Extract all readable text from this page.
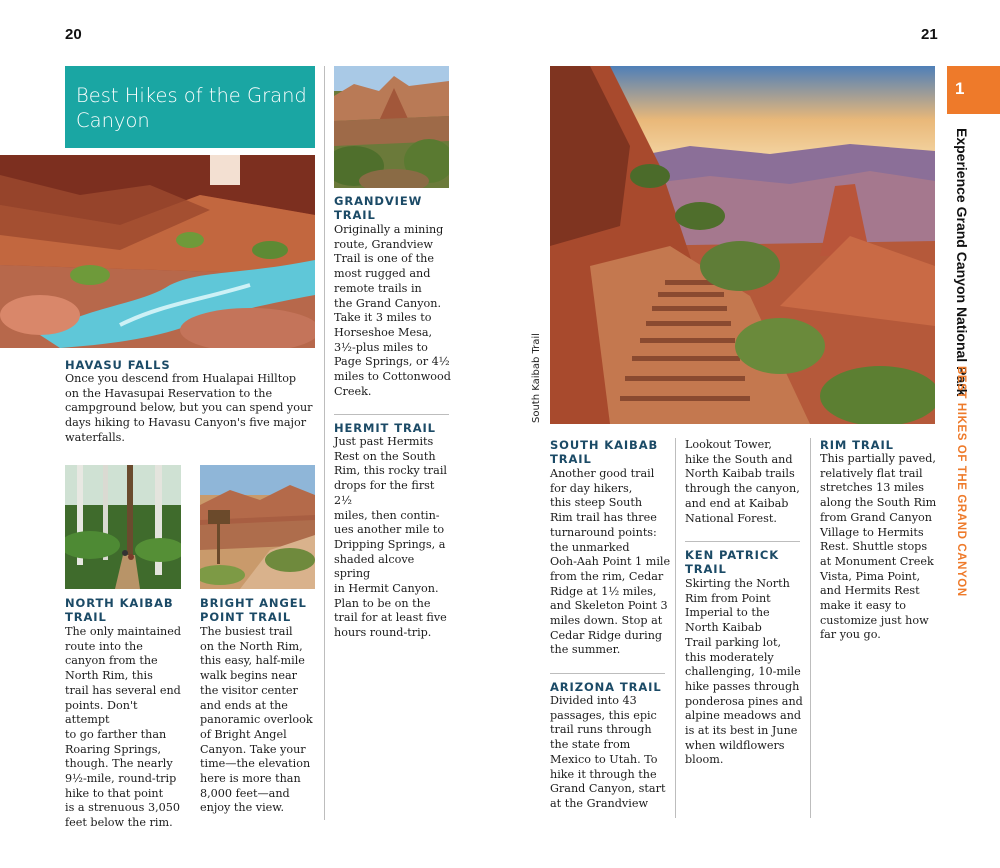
20	21
Best Hikes of the Grand Canyon
HAVASU FALLS
Once you descend from Hualapai Hilltop
on the Havasupai Reservation to the
campground below, but you can spend your
days hiking to Havasu Canyon's five major
waterfalls.
NORTH KAIBAB
TRAIL
The only maintained
route into the
canyon from the
North Rim, this
trail has several end
points. Don't attempt
to go farther than
Roaring Springs,
though. The nearly
9½-mile, round-trip
hike to that point
is a strenuous 3,050
feet below the rim.
BRIGHT ANGEL
POINT TRAIL
The busiest trail
on the North Rim,
this easy, half-mile
walk begins near
the visitor center
and ends at the
panoramic overlook
of Bright Angel
Canyon. Take your
time—the elevation
here is more than
8,000 feet—and
enjoy the view.
GRANDVIEW
TRAIL
Originally a mining
route, Grandview
Trail is one of the
most rugged and
remote trails in
the Grand Canyon.
Take it 3 miles to
Horseshoe Mesa,
3½-plus miles to
Page Springs, or 4½
miles to Cottonwood
Creek.
HERMIT TRAIL
Just past Hermits
Rest on the South
Rim, this rocky trail
drops for the first 2½
miles, then contin-
ues another mile to
Dripping Springs, a
shaded alcove spring
in Hermit Canyon.
Plan to be on the
trail for at least five
hours round-trip.
South Kaibab Trail
SOUTH KAIBAB
TRAIL
Another good trail
for day hikers,
this steep South
Rim trail has three
turnaround points:
the unmarked
Ooh-Aah Point 1 mile
from the rim, Cedar
Ridge at 1½ miles,
and Skeleton Point 3
miles down. Stop at
Cedar Ridge during
the summer.
ARIZONA TRAIL
Divided into 43
passages, this epic
trail runs through
the state from
Mexico to Utah. To
hike it through the
Grand Canyon, start
at the Grandview
Lookout Tower,
hike the South and
North Kaibab trails
through the canyon,
and end at Kaibab
National Forest.
KEN PATRICK
TRAIL
Skirting the North
Rim from Point
Imperial to the
North Kaibab
Trail parking lot,
this moderately
challenging, 10-mile
hike passes through
ponderosa pines and
alpine meadows and
is at its best in June
when wildflowers
bloom.
RIM TRAIL
This partially paved,
relatively flat trail
stretches 13 miles
along the South Rim
from Grand Canyon
Village to Hermits
Rest. Shuttle stops
at Monument Creek
Vista, Pima Point,
and Hermits Rest
make it easy to
customize just how
far you go.
1
Experience Grand Canyon National Park
BEST HIKES OF THE GRAND CANYON
